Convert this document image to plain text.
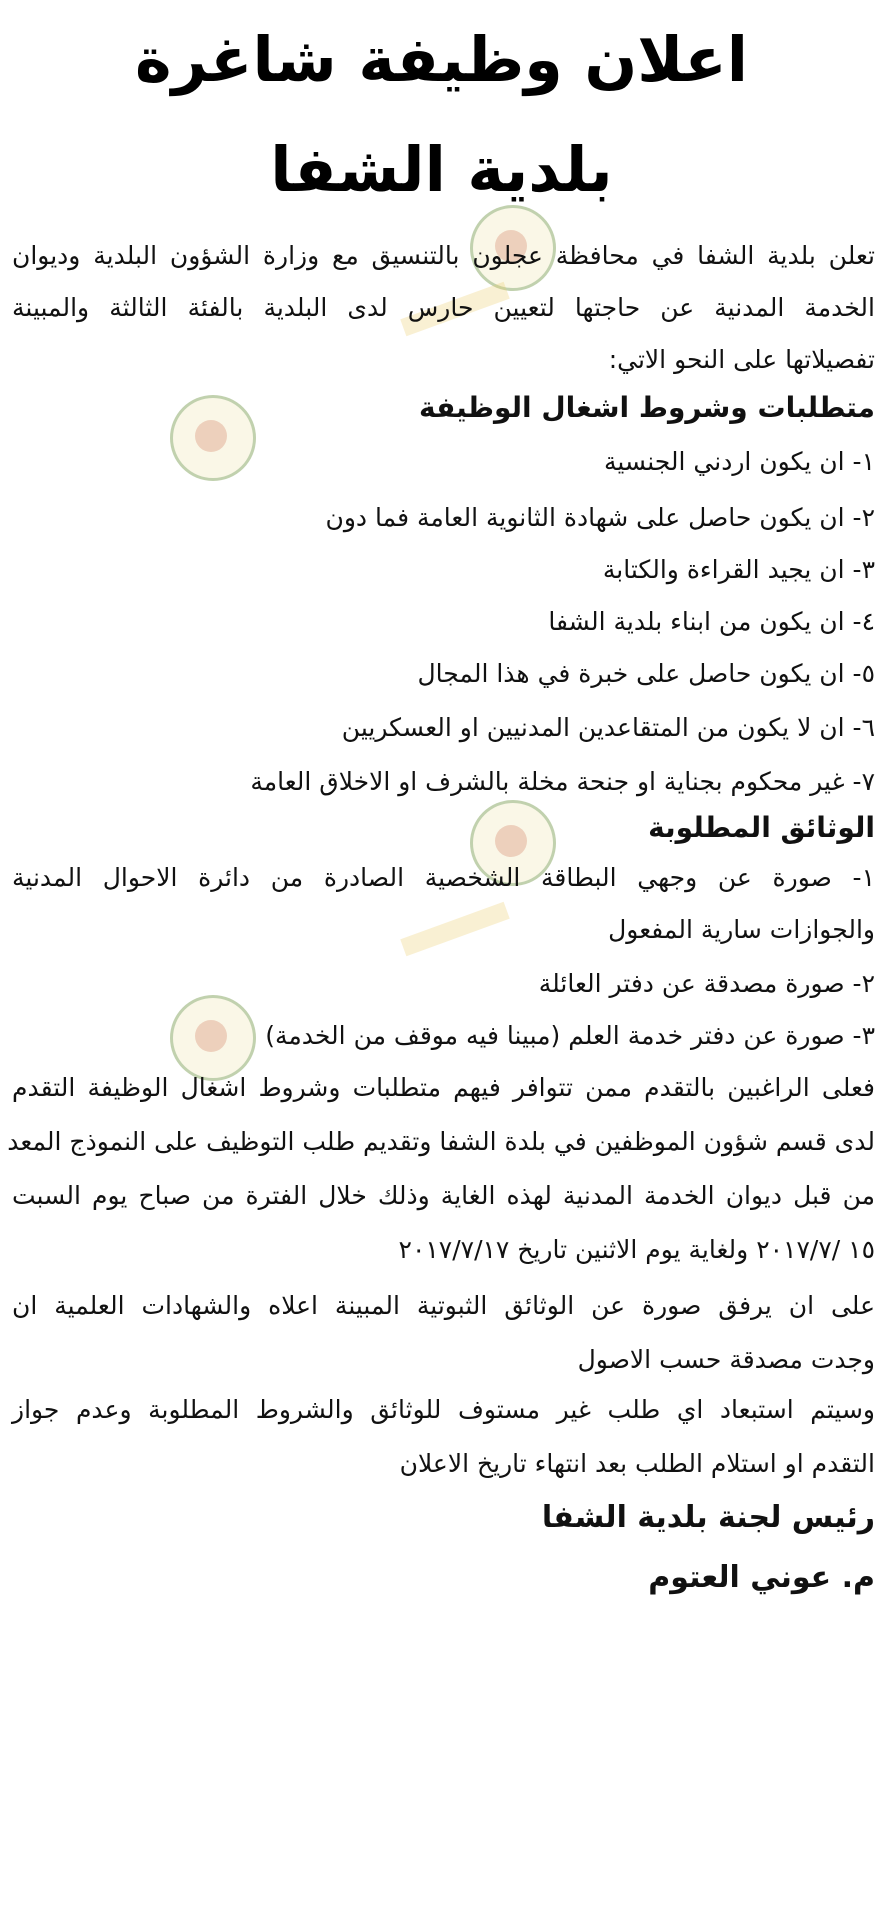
اعلان وظيفة شاغرة
بلدية الشفا
تعلن بلدية الشفا في محافظة عجلون بالتنسيق مع وزارة الشؤون البلدية وديوان
الخدمة المدنية عن حاجتها لتعيين حارس لدى البلدية بالفئة الثالثة والمبينة
تفصيلاتها على النحو الاتي:
متطلبات وشروط اشغال الوظيفة
١- ان يكون اردني الجنسية
٢- ان يكون حاصل على شهادة الثانوية العامة فما دون
٣- ان يجيد القراءة والكتابة
٤- ان يكون من ابناء بلدية الشفا
٥- ان يكون حاصل على خبرة في هذا المجال
٦- ان لا يكون من المتقاعدين المدنيين او العسكريين
٧- غير محكوم بجناية او جنحة مخلة بالشرف او الاخلاق العامة
الوثائق المطلوبة
١- صورة عن وجهي البطاقة الشخصية الصادرة من دائرة الاحوال المدنية
والجوازات سارية المفعول
٢- صورة مصدقة عن دفتر العائلة
٣- صورة عن دفتر خدمة العلم (مبينا فيه موقف من الخدمة)
فعلى الراغبين بالتقدم ممن تتوافر فيهم متطلبات وشروط اشغال الوظيفة التقدم
لدى قسم شؤون الموظفين في بلدة الشفا وتقديم طلب التوظيف على النموذج المعد
من قبل ديوان الخدمة المدنية لهذه الغاية وذلك خلال الفترة من صباح يوم السبت
١٥ /٢٠١٧/٧ ولغاية يوم الاثنين تاريخ ٢٠١٧/٧/١٧
على ان يرفق صورة عن الوثائق الثبوتية المبينة اعلاه والشهادات العلمية ان
وجدت مصدقة حسب الاصول
وسيتم استبعاد اي طلب غير مستوف للوثائق والشروط المطلوبة وعدم جواز
التقدم او استلام الطلب بعد انتهاء تاريخ الاعلان
رئيس لجنة بلدية الشفا
م. عوني العتوم
